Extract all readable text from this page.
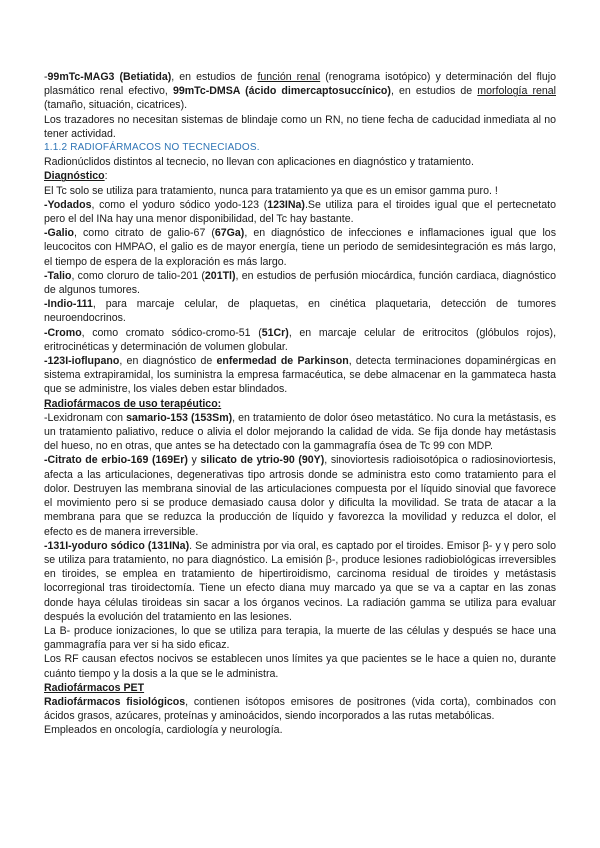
-99mTc-MAG3 (Betiatida), en estudios de función renal (renograma isotópico) y determinación del flujo plasmático renal efectivo, 99mTc-DMSA (ácido dimercaptosuccínico), en estudios de morfología renal (tamaño, situación, cicatrices).

Los trazadores no necesitan sistemas de blindaje como un RN, no tiene fecha de caducidad inmediata al no tener actividad.

1.1.2 RADIOFÁRMACOS NO TECNECIADOS.

Radionúclidos distintos al tecnecio, no llevan con aplicaciones en diagnóstico y tratamiento.

Diagnóstico:

El Tc solo se utiliza para tratamiento, nunca para tratamiento ya que es un emisor gamma puro. !

-Yodados, como el yoduro sódico yodo-123 (123INa).Se utiliza para el tiroides igual que el pertecnetato pero el del INa hay una menor disponibilidad, del Tc hay bastante.

-Galio, como citrato de galio-67 (67Ga), en diagnóstico de infecciones e inflamaciones igual que los leucocitos con HMPAO, el galio es de mayor energía, tiene un periodo de semidesintegración es más largo, el tiempo de espera de la exploración es más largo.

-Talio, como cloruro de talio-201 (201Tl), en estudios de perfusión miocárdica, función cardiaca, diagnóstico de algunos tumores.

-Indio-111, para marcaje celular, de plaquetas, en cinética plaquetaria, detección de tumores neuroendocrinos.

-Cromo, como cromato sódico-cromo-51 (51Cr), en marcaje celular de eritrocitos (glóbulos rojos), eritrocinéticas y determinación de volumen globular.

-123I-ioflupano, en diagnóstico de enfermedad de Parkinson, detecta terminaciones dopaminérgicas en sistema extrapiramidal, los suministra la empresa farmacéutica, se debe almacenar en la gammateca hasta que se administre, los viales deben estar blindados.

Radiofármacos de uso terapéutico:

-Lexidronam con samario-153 (153Sm), en tratamiento de dolor óseo metastático. No cura la metástasis, es un tratamiento paliativo, reduce o alivia el dolor mejorando la calidad de vida. Se fija donde hay metástasis del hueso, no en otras, que antes se ha detectado con la gammagrafía ósea de Tc 99 con MDP.

-Citrato de erbio-169 (169Er) y silicato de ytrio-90 (90Y), sinoviortesis radioisotópica o radiosinoviortesis, afecta a las articulaciones, degenerativas tipo artrosis donde se administra esto como tratamiento para el dolor. Destruyen las membrana sinovial de las articulaciones compuesta por el líquido sinovial que favorece el movimiento pero si se produce demasiado causa dolor y dificulta la movilidad. Se trata de atacar a la membrana para que se reduzca la producción de líquido y favorezca la movilidad y reduzca el dolor, el efecto es de manera irreversible.

-131I-yoduro sódico (131INa). Se administra por via oral, es captado por el tiroides. Emisor β- y γ pero solo se utiliza para tratamiento, no para diagnóstico. La emisión β-, produce lesiones radiobiológicas irreversibles en tiroides, se emplea en tratamiento de hipertiroidismo, carcinoma residual de tiroides y metástasis locorregional tras tiroidectomía. Tiene un efecto diana muy marcado ya que se va a captar en las zonas donde haya células tiroideas sin sacar a los órganos vecinos. La radiación gamma se utiliza para evaluar después la evolución del tratamiento en las lesiones.

La B- produce ionizaciones, lo que se utiliza para terapia, la muerte de las células y después se hace una gammagrafía para ver si ha sido eficaz.

Los RF causan efectos nocivos se establecen unos límites ya que pacientes se le hace a quien no, durante cuánto tiempo y la dosis a la que se le administra.

Radiofármacos PET

Radiofármacos fisiológicos, contienen isótopos emisores de positrones (vida corta), combinados con ácidos grasos, azúcares, proteínas y aminoácidos, siendo incorporados a las rutas metabólicas.

Empleados en oncología, cardiología y neurología.
